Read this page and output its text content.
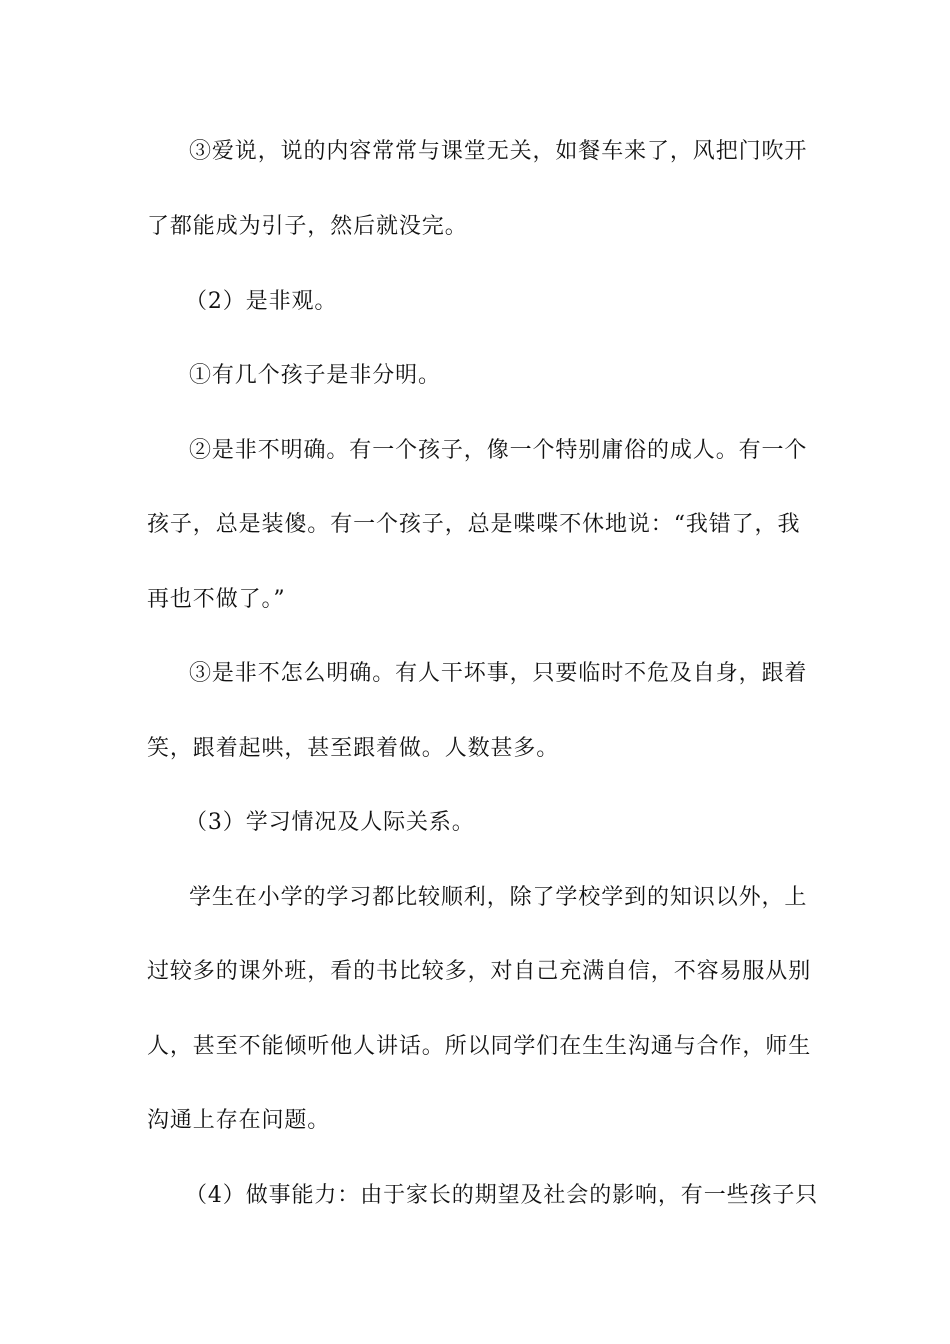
③爱说，说的内容常常与课堂无关，如餐车来了，风把门吹开
了都能成为引子，然后就没完。
（2）是非观。
①有几个孩子是非分明。
②是非不明确。有一个孩子，像一个特别庸俗的成人。有一个
孩子，总是装傻。有一个孩子，总是喋喋不休地说：“我错了，我
再也不做了。”
③是非不怎么明确。有人干坏事，只要临时不危及自身，跟着
笑，跟着起哄，甚至跟着做。人数甚多。
（3）学习情况及人际关系。
学生在小学的学习都比较顺利，除了学校学到的知识以外，上
过较多的课外班，看的书比较多，对自己充满自信，不容易服从别
人，甚至不能倾听他人讲话。所以同学们在生生沟通与合作，师生
沟通上存在问题。
（4）做事能力：由于家长的期望及社会的影响，有一些孩子只
